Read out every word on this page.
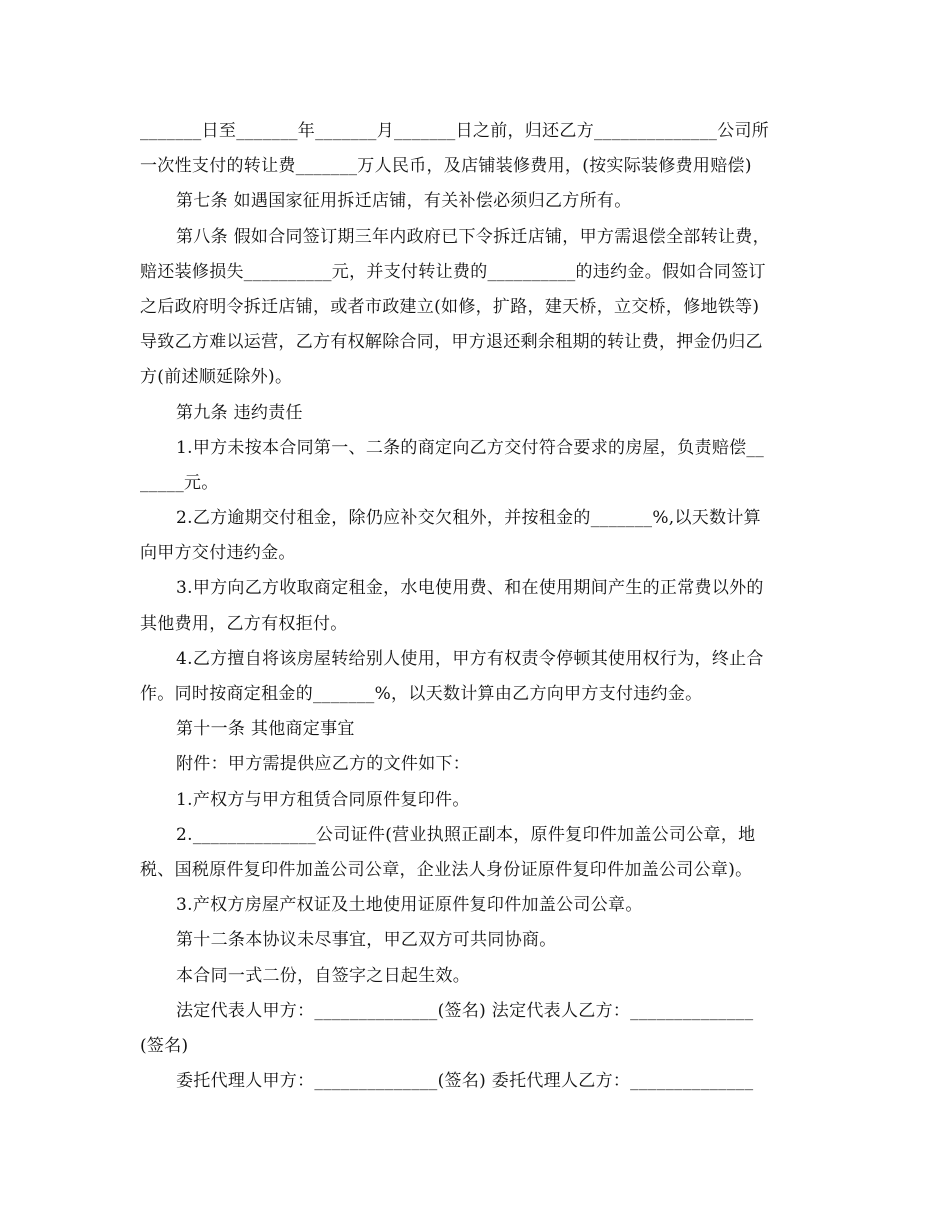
_______日至_______年_______月_______日之前，归还乙方______________公司所
一次性支付的转让费_______万人民币，及店铺装修费用，(按实际装修费用赔偿)
第七条 如遇国家征用拆迁店铺，有关补偿必须归乙方所有。
第八条 假如合同签订期三年内政府已下令拆迁店铺，甲方需退偿全部转让费，
赔还装修损失__________元，并支付转让费的__________的违约金。假如合同签订
之后政府明令拆迁店铺，或者市政建立(如修，扩路，建天桥，立交桥，修地铁等)
导致乙方难以运营，乙方有权解除合同，甲方退还剩余租期的转让费，押金仍归乙
方(前述顺延除外)。
第九条 违约责任
1.甲方未按本合同第一、二条的商定向乙方交付符合要求的房屋，负责赔偿__
_____元。
2.乙方逾期交付租金，除仍应补交欠租外，并按租金的_______%,以天数计算
向甲方交付违约金。
3.甲方向乙方收取商定租金，水电使用费、和在使用期间产生的正常费以外的
其他费用，乙方有权拒付。
4.乙方擅自将该房屋转给别人使用，甲方有权责令停顿其使用权行为，终止合
作。同时按商定租金的_______%，以天数计算由乙方向甲方支付违约金。
第十一条 其他商定事宜
附件：甲方需提供应乙方的文件如下：
1.产权方与甲方租赁合同原件复印件。
2.______________公司证件(营业执照正副本，原件复印件加盖公司公章，地
税、国税原件复印件加盖公司公章，企业法人身份证原件复印件加盖公司公章)。
3.产权方房屋产权证及土地使用证原件复印件加盖公司公章。
第十二条本协议未尽事宜，甲乙双方可共同协商。
本合同一式二份，自签字之日起生效。
法定代表人甲方：______________(签名) 法定代表人乙方：______________
(签名)
委托代理人甲方：______________(签名) 委托代理人乙方：______________
